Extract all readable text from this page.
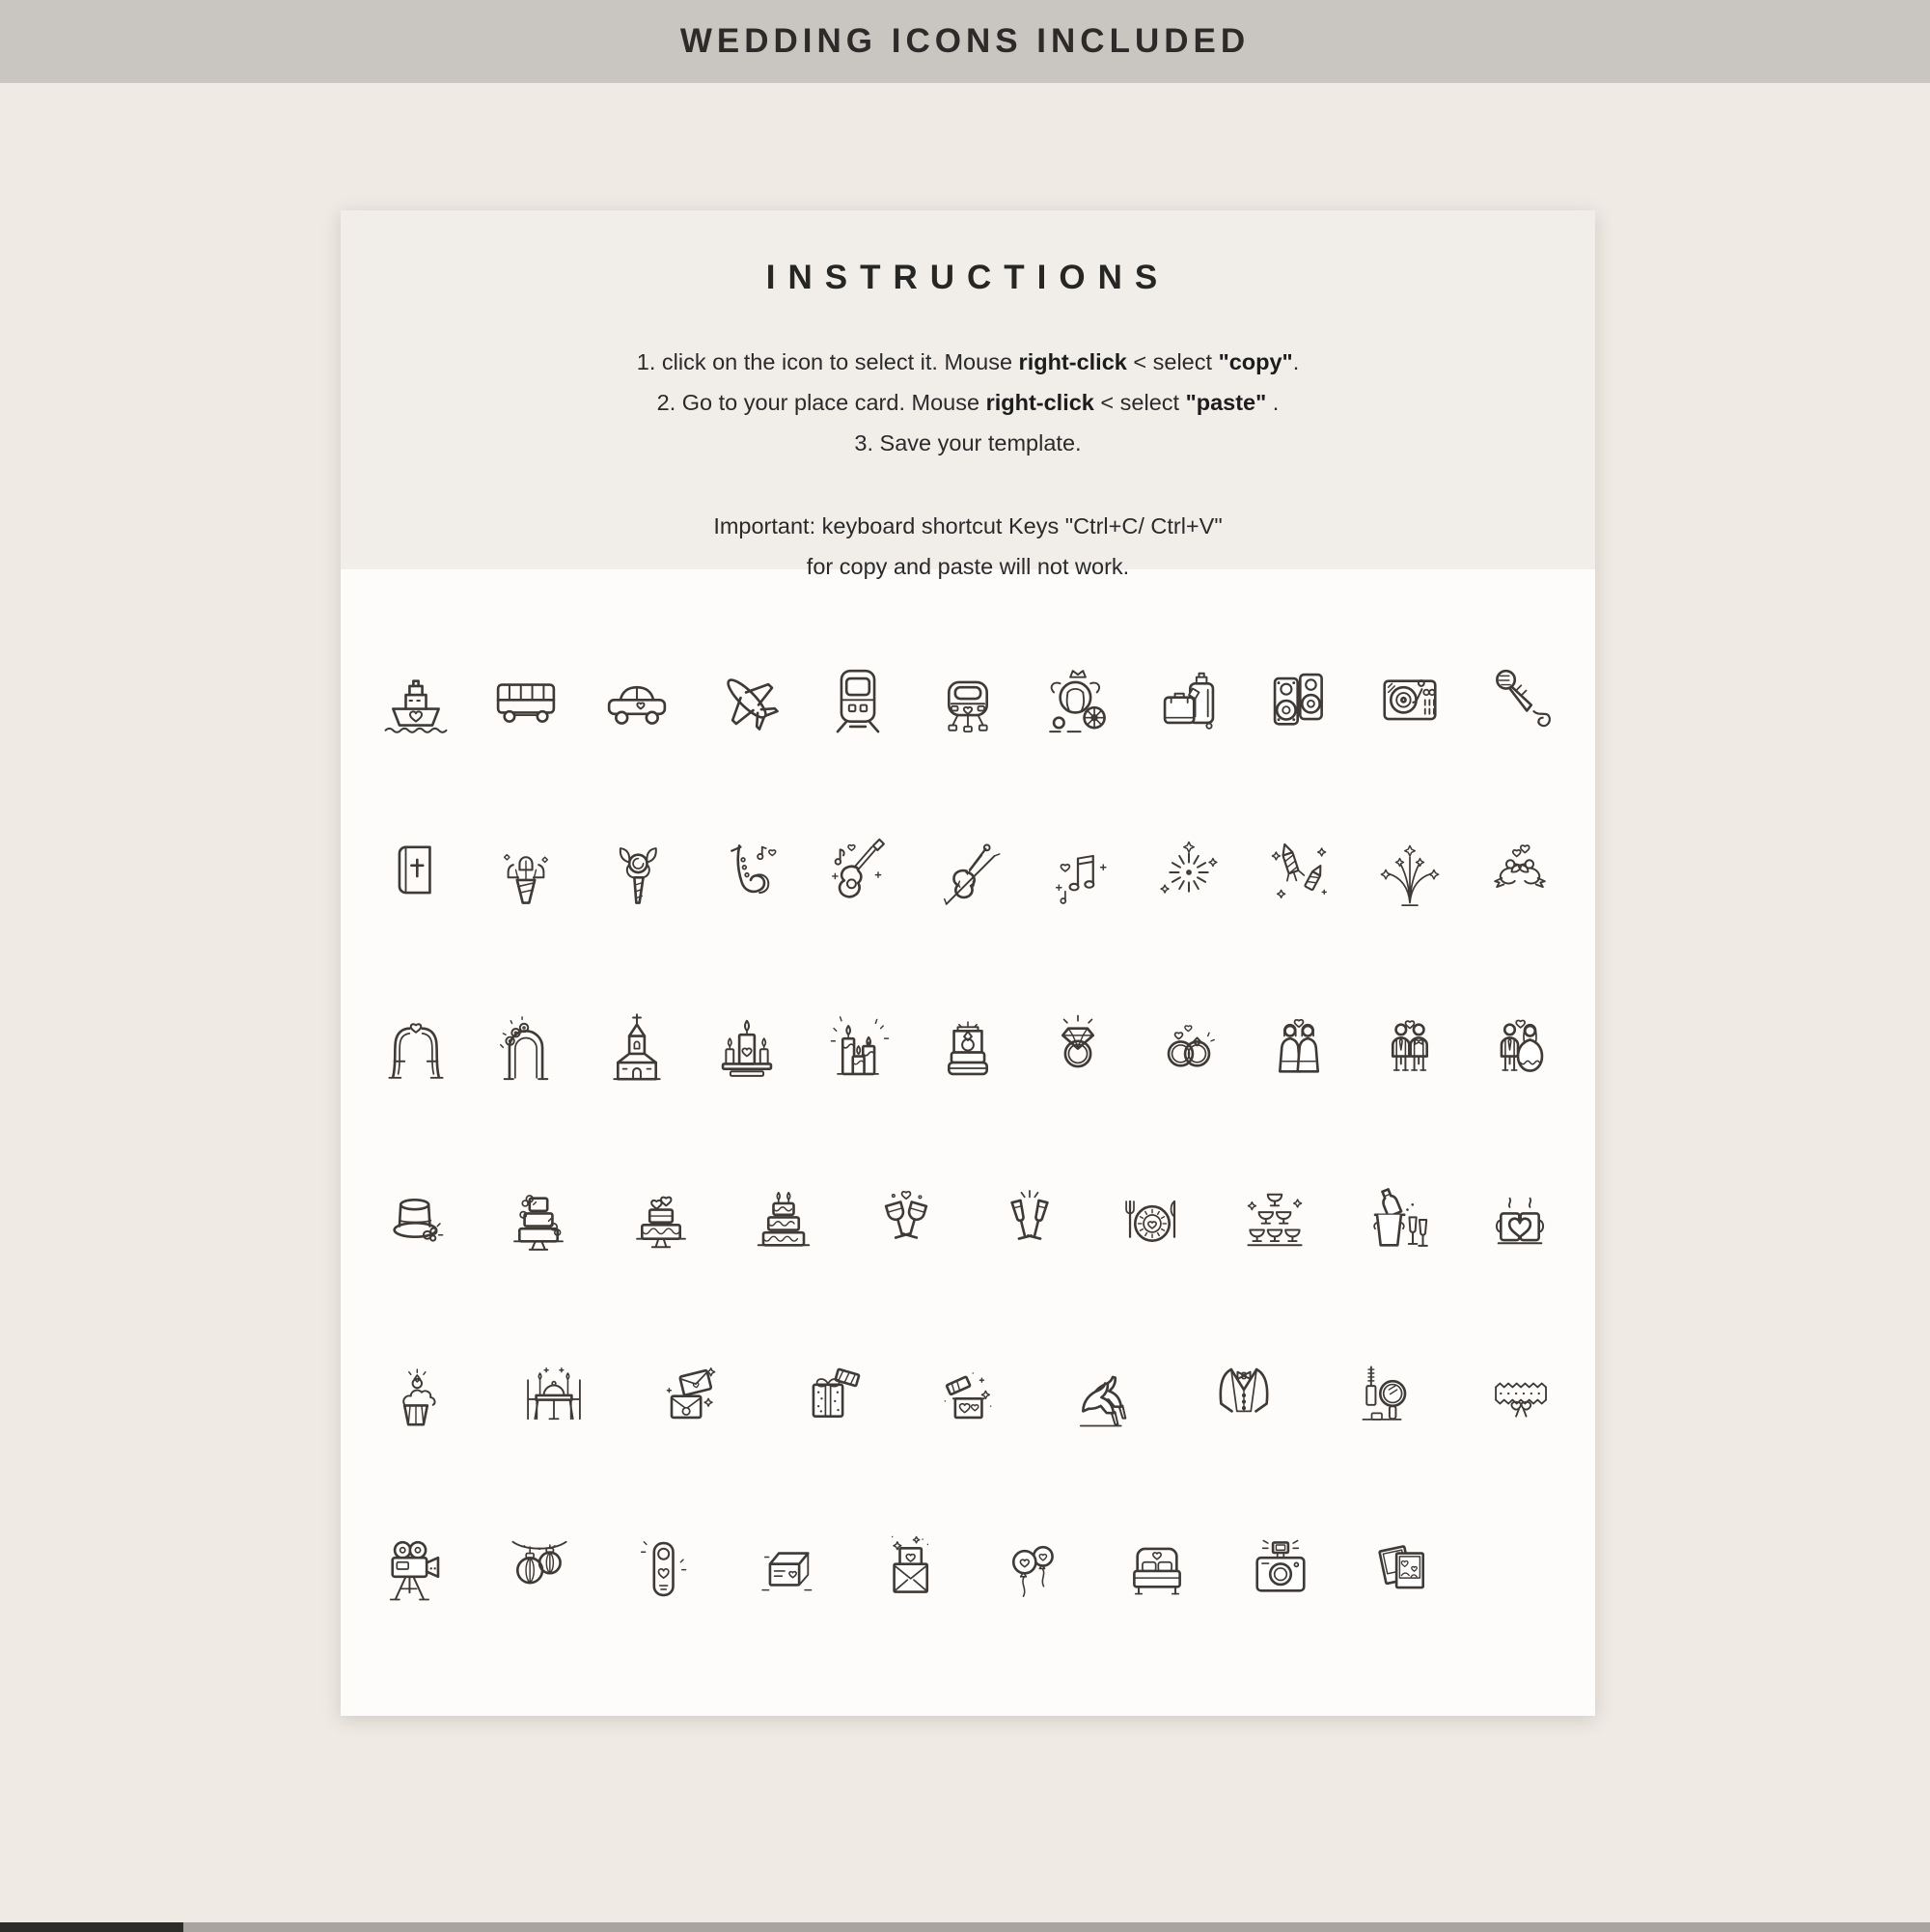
WEDDING ICONS INCLUDED
INSTRUCTIONS

1. click on the icon to select it. Mouse right-click < select "copy".

2. Go to your place card. Mouse right-click < select "paste" .

3. Save your template.

Important: keyboard shortcut Keys "Ctrl+C/ Ctrl+V"
for copy and paste will not work.
